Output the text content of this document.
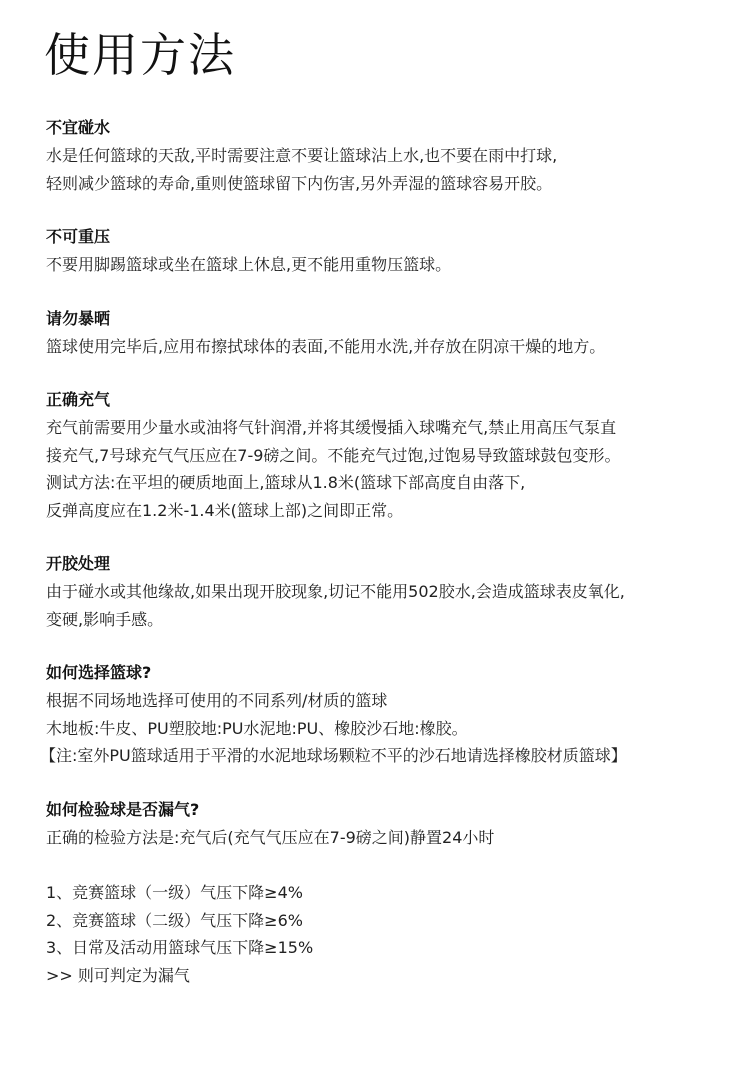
使用方法

不宜碰水

水是任何篮球的天敌,平时需要注意不要让篮球沾上水,也不要在雨中打球,

轻则减少篮球的寿命,重则使篮球留下内伤害,另外弄湿的篮球容易开胶。

不可重压

不要用脚踢篮球或坐在篮球上休息,更不能用重物压篮球。

请勿暴晒

篮球使用完毕后,应用布擦拭球体的表面,不能用水洗,并存放在阴凉干燥的地方。

正确充气

充气前需要用少量水或油将气针润滑,并将其缓慢插入球嘴充气,禁止用高压气泵直

接充气,7号球充气气压应在7-9磅之间。不能充气过饱,过饱易导致篮球鼓包变形。

测试方法:在平坦的硬质地面上,篮球从1.8米(篮球下部高度自由落下,

反弹高度应在1.2米-1.4米(篮球上部)之间即正常。

开胶处理

由于碰水或其他缘故,如果出现开胶现象,切记不能用502胶水,会造成篮球表皮氧化,

变硬,影响手感。

如何选择篮球?

根据不同场地选择可使用的不同系列/材质的篮球

木地板:牛皮、PU塑胶地:PU水泥地:PU、橡胶沙石地:橡胶。

【注:室外PU篮球适用于平滑的水泥地球场颗粒不平的沙石地请选择橡胶材质篮球】

如何检验球是否漏气?

正确的检验方法是:充气后(充气气压应在7-9磅之间)静置24小时

1、竞赛篮球（一级）气压下降≥4%
2、竞赛篮球（二级）气压下降≥6%
3、日常及活动用篮球气压下降≥15%
>> 则可判定为漏气
